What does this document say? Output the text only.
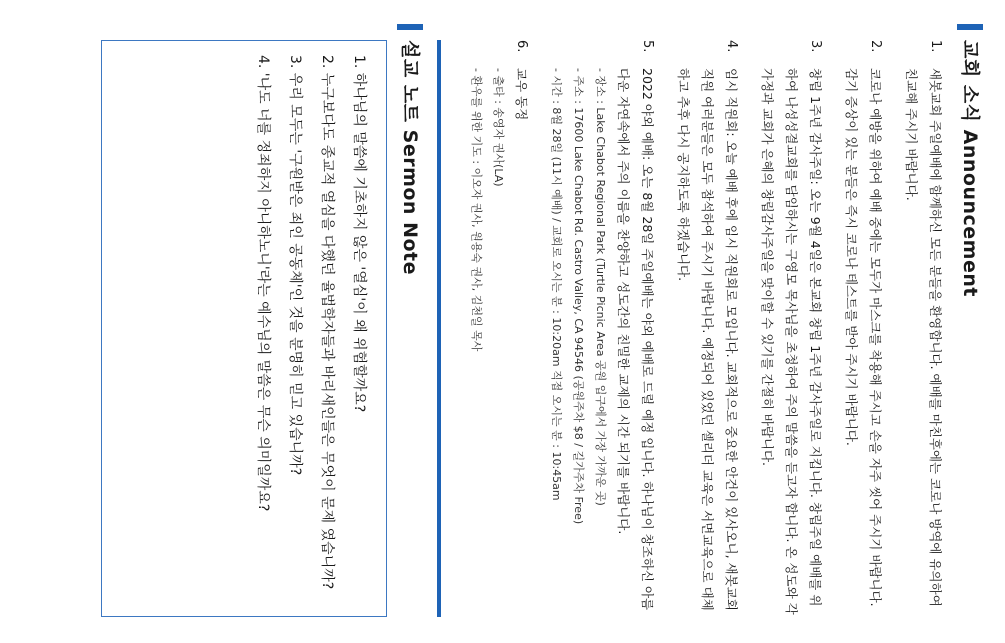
교회 소식 Announcement
1.
새봇교회 주일예배에 함께하신 모든 분들을 환영합니다. 예배를 마친후에는 코로나 방역에 유의하여 친교해 주시기 바랍니다.
2.
코로나 예방을 위하여 예배 중에는 모두가 마스크를 착용해 주시고 손을 자주 씻어 주시기 바랍니다. 감기 증상이 있는 분들은 즉시 코로나 테스트를 받아 주시기 바랍니다.
3.
창립 1주년 감사주일: 오는 9월 4일은 본교회 창립 1주년 감사주일로 지킵니다. 창립주일 예배를 위하여 나성성결교회를 담임하시는 구영모 목사님을 초청하여 주의 말씀을 듣고자 합니다. 온 성도와 각 가정과 교회가 은혜의 창립감사주일을 맞이할 수 있기를 간절히 바랍니다.
4.
임시 직원회: 오늘 예배 후에 임시 직원회로 모입니다. 교회적으로 중요한 안건이 있사오니, 새봇교회 직원 여러분들은 모두 참석하여 주시기 바랍니다. 예정되어 있었던 셀리더 교육은 서면교육으로 대체 하고 추후 다시 공지하도록 하겠습니다.
5.
2022 야외 예배: 오는 8월 28일 주일예배는 야외 예배로 드릴 예정 입니다. 하나님이 창조하신 아름다운 자연속에서 주의 이름을 찬양하고 성도간의 친밀한 교제의 시간 되기를 바랍니다.
- 장소 : Lake Chabot Regional Park (Turtle Picnic Area 공원 입구에서 가장 가까운 곳)
- 주소 : 17600 Lake Chabot Rd. Castro Valley, CA 94546 (공원주차 $8 / 길가주차 Free)
- 시간 : 8월 28일 (11시 예배) / 교회로 오시는 분 : 10:20am 직접 오시는 분 : 10:45am
6.
교우 동정
- 출타 : 송영자 권사(LA)
- 환우를 위한 기도 : 이오자 권사, 원용숙 권사, 김천일 목사
설교 노트 Sermon Note
1. 하나님의 말씀에 기초하지 않은 '열심'이 왜 위험할까요?
2. 누구보다도 종교적 열심을 다했던 율법학자들과 바리새인들은 무엇이 문제 였습니까?
3. 우리 모두는 '구원받은 죄인 공동체'인 것을 분명히 믿고 있습니까?
4. '나도 너를 정죄하지 아니하노니'라는 예수님의 말씀은 무슨 의미일까요?
